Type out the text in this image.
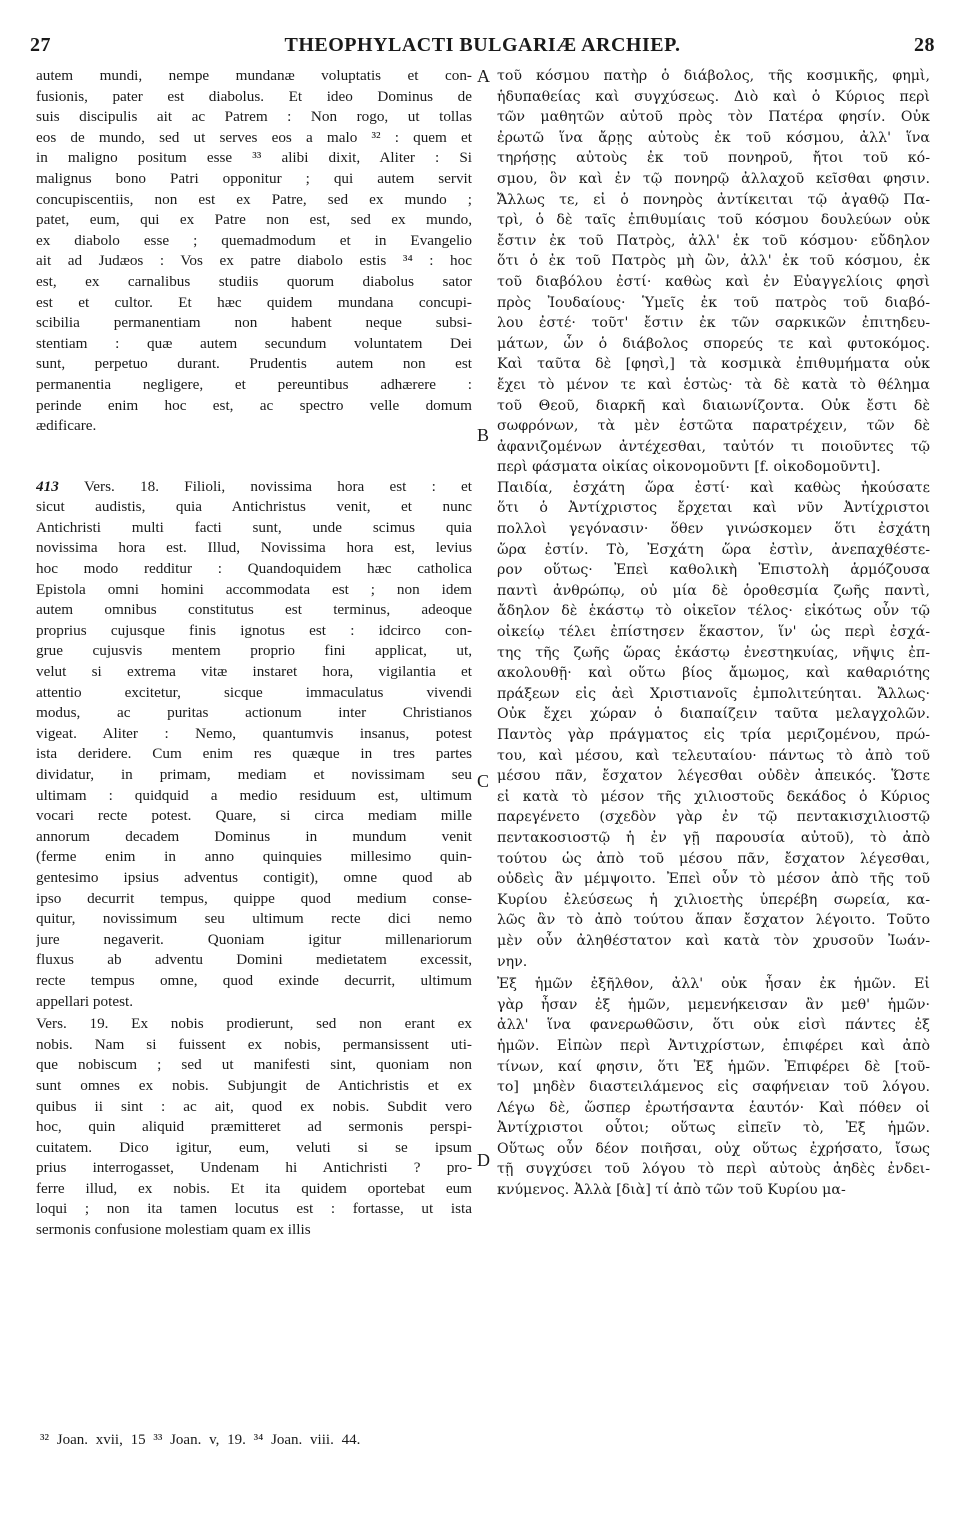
27	THEOPHYLACTI BULGARIÆ ARCHIEP.	28
autem mundi, nempe mundanæ voluptatis et con-
fusionis, pater est diabolus. Et ideo Dominus de
suis discipulis ait ac Patrem : Non rogo, ut tollas
eos de mundo, sed ut serves eos a malo ³² : quem et
in maligno positum esse ³³ alibi dixit, Aliter : Si
malignus bono Patri opponitur ; qui autem servit
concupiscentiis, non est ex Patre, sed ex mundo ;
patet, eum, qui ex Patre non est, sed ex mundo,
ex diabolo esse ; quemadmodum et in Evangelio
ait ad Judæos : Vos ex patre diabolo estis ³⁴ : hoc
est, ex carnalibus studiis quorum diabolus sator
est et cultor. Et hæc quidem mundana concupi-
scibilia permanentiam non habent neque subsi-
stentiam : quæ autem secundum voluntatem Dei
sunt, perpetuo durant. Prudentis autem non est
permanentia negligere, et pereuntibus adhærere :
perinde enim hoc est, ac spectro velle domum
ædificare.
413 Vers. 18. Filioli, novissima hora est : et
sicut audistis, quia Antichristus venit, et nunc
Antichristi multi facti sunt, unde scimus quia
novissima hora est. Illud, Novissima hora est, levius
hoc modo redditur : Quandoquidem hæc catholica
Epistola omni homini accommodata est ; non idem
autem omnibus constitutus est terminus, adeoque
proprius cujusque finis ignotus est : idcirco con-
grue cujusvis mentem proprio fini applicat, ut,
velut si extrema vitæ instaret hora, vigilantia et
attentio excitetur, sicque immaculatus vivendi
modus, ac puritas actionum inter Christianos
vigeat. Aliter : Nemo, quantumvis insanus, potest
ista deridere. Cum enim res quæque in tres partes
dividatur, in primam, mediam et novissimam seu
ultimam : quidquid a medio residuum est, ultimum
vocari recte potest. Quare, si circa mediam mille
annorum decadem Dominus in mundum venit
(ferme enim in anno quinquies millesimo quin-
gentesimo ipsius adventus contigit), omne quod ab
ipso decurrit tempus, quippe quod medium conse-
quitur, novissimum seu ultimum recte dici nemo
jure negaverit. Quoniam igitur millenariorum
fluxus ab adventu Domini medietatem excessit,
recte tempus omne, quod exinde decurrit, ultimum
appellari potest.
Vers. 19. Ex nobis prodierunt, sed non erant ex
nobis. Nam si fuissent ex nobis, permansissent uti-
que nobiscum ; sed ut manifesti sint, quoniam non
sunt omnes ex nobis. Subjungit de Antichristis et ex
quibus ii sint : ac ait, quod ex nobis. Subdit vero
hoc, quin aliquid præmitteret ad sermonis perspi-
cuitatem. Dico igitur, eum, veluti si se ipsum
prius interrogasset, Undenam hi Antichristi ? pro-
ferre illud, ex nobis. Et ita quidem oportebat eum
loqui ; non ita tamen locutus est : fortasse, ut ista
sermonis confusione molestiam quam ex illis
τοῦ κόσμου πατὴρ ὁ διάβολος, τῆς κοσμικῆς, φημὶ,
ἡδυπαθείας καὶ συγχύσεως. Διὸ καὶ ὁ Κύριος περὶ
τῶν μαθητῶν αὐτοῦ πρὸς τὸν Πατέρα φησίν. Οὐκ
ἐρωτῶ ἵνα ἄρῃς αὐτοὺς ἐκ τοῦ κόσμου, ἀλλ' ἵνα
τηρήσῃς αὐτοὺς ἐκ τοῦ πονηροῦ, ἤτοι τοῦ κό-
σμου, ὃν καὶ ἐν τῷ πονηρῷ ἀλλαχοῦ κεῖσθαι φησιν.
Ἄλλως τε, εἰ ὁ πονηρὸς ἀντίκειται τῷ ἀγαθῷ Πα-
τρὶ, ὁ δὲ ταῖς ἐπιθυμίαις τοῦ κόσμου δουλεύων οὐκ
ἔστιν ἐκ τοῦ Πατρὸς, ἀλλ' ἐκ τοῦ κόσμου· εὔδηλον
ὅτι ὁ ἐκ τοῦ Πατρὸς μὴ ὢν, ἀλλ' ἐκ τοῦ κόσμου, ἐκ
τοῦ διαβόλου ἐστί· καθὼς καὶ ἐν Εὐαγγελίοις φησὶ
πρὸς Ἰουδαίους· Ὑμεῖς ἐκ τοῦ πατρὸς τοῦ διαβό-
λου ἐστέ· τοῦτ' ἔστιν ἐκ τῶν σαρκικῶν ἐπιτηδευ-
μάτων, ὧν ὁ διάβολος σπορεύς τε καὶ φυτοκόμος.
Καὶ ταῦτα δὲ [φησὶ,] τὰ κοσμικὰ ἐπιθυμήματα οὐκ
ἔχει τὸ μένον τε καὶ ἑστὼς· τὰ δὲ κατὰ τὸ θέλημα
τοῦ Θεοῦ, διαρκῆ καὶ διαιωνίζοντα. Οὐκ ἔστι δὲ
σωφρόνων, τὰ μὲν ἑστῶτα παρατρέχειν, τῶν δὲ
ἀφανιζομένων ἀντέχεσθαι, ταὐτόν τι ποιοῦντες τῷ
περὶ φάσματα οἰκίας οἰκονομοῦντι [f. οἰκοδομοῦντι].
Παιδία, ἐσχάτη ὥρα ἐστί· καὶ καθὼς ἠκούσατε
ὅτι ὁ Ἀντίχριστος ἔρχεται καὶ νῦν Ἀντίχριστοι
πολλοὶ γεγόνασιν· ὅθεν γινώσκομεν ὅτι ἐσχάτη
ὥρα ἐστίν. Τὸ, Ἐσχάτη ὥρα ἐστὶν, ἀνεπαχθέστε-
ρον οὕτως· Ἐπεὶ καθολικὴ Ἐπιστολὴ ἁρμόζουσα
παντὶ ἀνθρώπῳ, οὐ μία δὲ ὁροθεσμία ζωῆς παντὶ,
ἄδηλον δὲ ἑκάστῳ τὸ οἰκεῖον τέλος· εἰκότως οὖν τῷ
οἰκείῳ τέλει ἐπίστησεν ἕκαστον, ἵν' ὡς περὶ ἐσχά-
της τῆς ζωῆς ὥρας ἑκάστῳ ἐνεστηκυίας, νῆψις ἐπ-
ακολουθῇ· καὶ οὕτω βίος ἄμωμος, καὶ καθαριότης
πράξεων εἰς ἀεὶ Χριστιανοῖς ἐμπολιτεύηται. Ἄλλως·
Οὐκ ἔχει χώραν ὁ διαπαίζειν ταῦτα μελαγχολῶν.
Παντὸς γὰρ πράγματος εἰς τρία μεριζομένου, πρώ-
του, καὶ μέσου, καὶ τελευταίου· πάντως τὸ ἀπὸ τοῦ
μέσου πᾶν, ἔσχατον λέγεσθαι οὐδὲν ἀπεικός. Ὥστε
εἰ κατὰ τὸ μέσον τῆς χιλιοστοῦς δεκάδος ὁ Κύριος
παρεγένετο (σχεδὸν γὰρ ἐν τῷ πεντακισχιλιοστῷ
πεντακοσιοστῷ ἡ ἐν γῇ παρουσία αὐτοῦ), τὸ ἀπὸ
τούτου ὡς ἀπὸ τοῦ μέσου πᾶν, ἔσχατον λέγεσθαι,
οὐδεὶς ἂν μέμψοιτο. Ἐπεὶ οὖν τὸ μέσον ἀπὸ τῆς τοῦ
Κυρίου ἐλεύσεως ἡ χιλιοετὴς ὑπερέβη σωρεία, κα-
λῶς ἂν τὸ ἀπὸ τούτου ἅπαν ἔσχατον λέγοιτο. Τοῦτο
μὲν οὖν ἀληθέστατον καὶ κατὰ τὸν χρυσοῦν Ἰωάν-
νην.
Ἐξ ἡμῶν ἐξῆλθον, ἀλλ' οὐκ ἦσαν ἐκ ἡμῶν. Εἰ
γὰρ ἦσαν ἐξ ἡμῶν, μεμενήκεισαν ἂν μεθ' ἡμῶν·
ἀλλ' ἵνα φανερωθῶσιν, ὅτι οὐκ εἰσὶ πάντες ἐξ
ἡμῶν. Εἰπὼν περὶ Ἀντιχρίστων, ἐπιφέρει καὶ ἀπὸ
τίνων, καί φησιν, ὅτι Ἐξ ἡμῶν. Ἐπιφέρει δὲ [τοῦ-
το] μηδὲν διαστειλάμενος εἰς σαφήνειαν τοῦ λόγου.
Λέγω δὲ, ὥσπερ ἐρωτήσαντα ἑαυτόν· Καὶ πόθεν οἱ
Ἀντίχριστοι οὗτοι; οὕτως εἰπεῖν τὸ, Ἐξ ἡμῶν.
Οὕτως οὖν δέον ποιῆσαι, οὐχ οὕτως ἐχρήσατο, ἴσως
τῇ συγχύσει τοῦ λόγου τὸ περὶ αὐτοὺς ἀηδὲς ἐνδει-
κνύμενος. Ἀλλὰ [διὰ] τί ἀπὸ τῶν τοῦ Κυρίου μα-
A
B
C
D
³² Joan. xvii, 15 ³³ Joan. v, 19. ³⁴ Joan. viii. 44.
